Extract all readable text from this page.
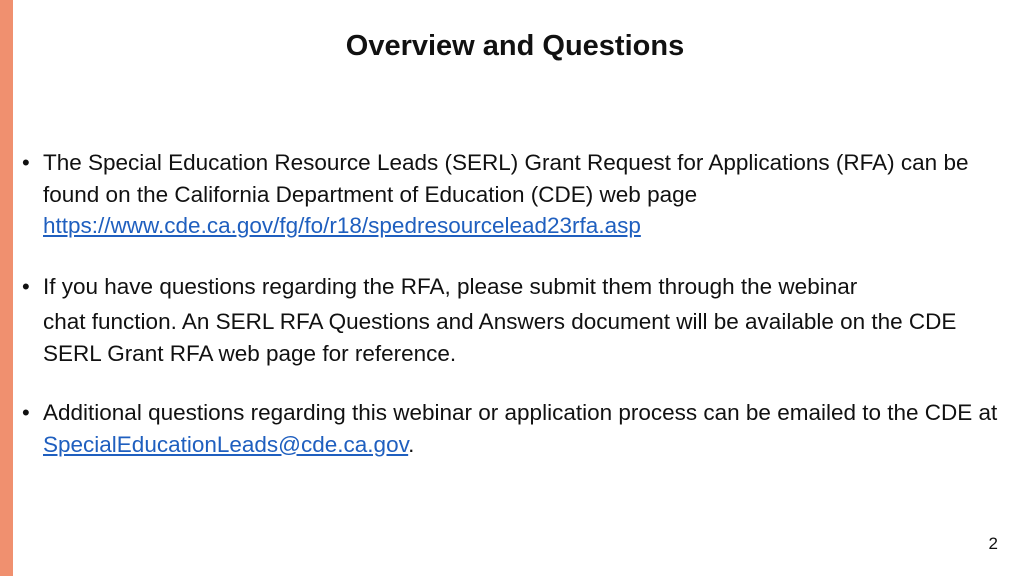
Overview and Questions
• The Special Education Resource Leads (SERL) Grant Request for Applications (RFA) can be found on the California Department of Education (CDE) web page https://www.cde.ca.gov/fg/fo/r18/spedresourcelead23rfa.asp
• If you have questions regarding the RFA, please submit them through the webinar chat function. An SERL RFA Questions and Answers document will be available on the CDE SERL Grant RFA web page for reference.
• Additional questions regarding this webinar or application process can be emailed to the CDE at SpecialEducationLeads@cde.ca.gov.
2
